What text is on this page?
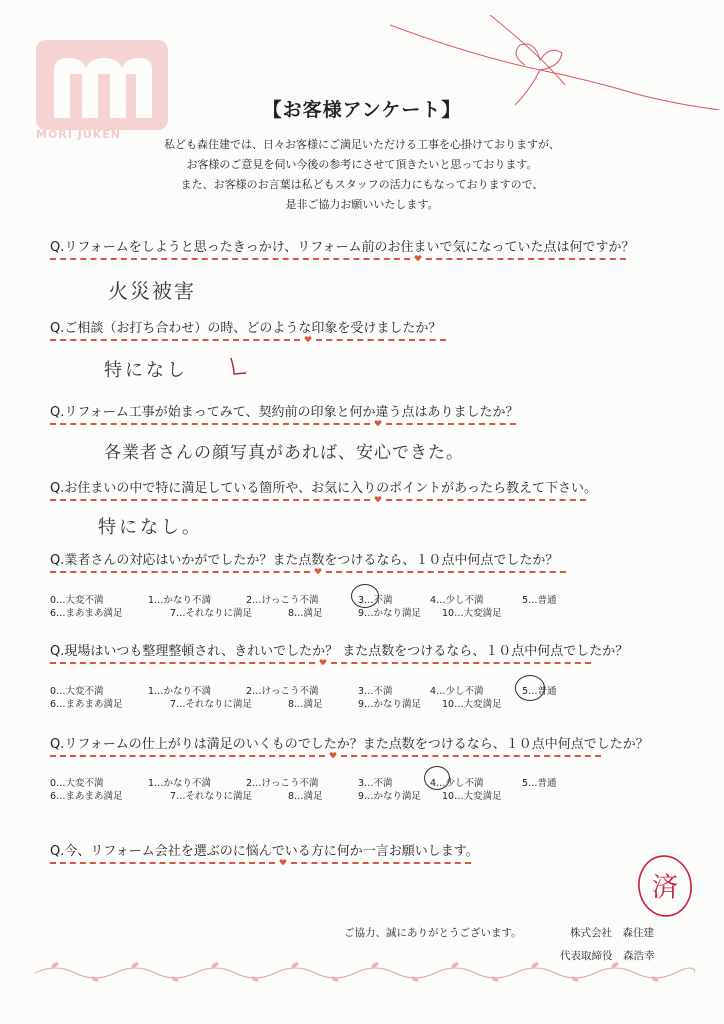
MORI JUKEN
【お客様アンケート】
私ども森住建では、日々お客様にご満足いただける工事を心掛けておりますが、
お客様のご意見を伺い今後の参考にさせて頂きたいと思っております。
また、お客様のお言葉は私どもスタッフの活力にもなっておりますので、
是非ご協力お願いいたします。
Q.リフォームをしようと思ったきっかけ、リフォーム前のお住まいで気になっていた点は何ですか？
火災被害
Q.ご相談（お打ち合わせ）の時、どのような印象を受けましたか？
特になし
Q.リフォーム工事が始まってみて、契約前の印象と何か違う点はありましたか？
各業者さんの顔写真があれば、安心できた。
Q.お住まいの中で特に満足している箇所や、お気に入りのポイントがあったら教えて下さい。
特になし。
Q.業者さんの対応はいかがでしたか？また点数をつけるなら、１０点中何点でしたか？
0…大変不満	1…かなり不満	2…けっこう不満	3…不満	4…少し不満	5…普通
6…まあまあ満足	7…それなりに満足	8…満足	9…かなり満足 10…大変満足
Q.現場はいつも整理整頓され、きれいでしたか？ また点数をつけるなら、１０点中何点でしたか？
0…大変不満	1…かなり不満	2…けっこう不満	3…不満	4…少し不満	5…普通
6…まあまあ満足	7…それなりに満足	8…満足	9…かなり満足 10…大変満足
Q.リフォームの仕上がりは満足のいくものでしたか？また点数をつけるなら、１０点中何点でしたか？
0…大変不満	1…かなり不満	2…けっこう不満	3…不満	4…少し不満	5…普通
6…まあまあ満足	7…それなりに満足	8…満足	9…かなり満足 10…大変満足
Q.今、リフォーム会社を選ぶのに悩んでいる方に何か一言お願いします。
済
ご協力、誠にありがとうございます。	株式会社　森住建
代表取締役　森浩幸
